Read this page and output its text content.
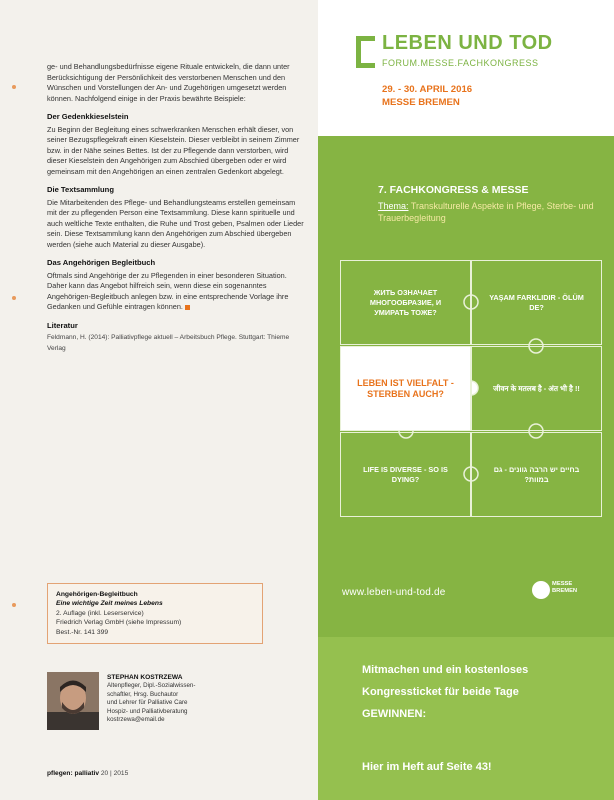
ge- und Behandlungsbedürfnisse eigene Rituale entwickeln, die dann unter Berücksichtigung der Persönlichkeit des verstorbenen Menschen und den Wünschen und Vorstellungen der An- und Zugehörigen umgesetzt werden können. Nachfolgend einige in der Praxis bewährte Beispiele:

Der Gedenkkieselstein

Zu Beginn der Begleitung eines schwerkranken Menschen erhält dieser, von seiner Bezugspflegekraft einen Kieselstein. Dieser verbleibt in seinem Zimmer bzw. in der Nähe seines Bettes. Ist der zu Pflegende dann verstorben, wird dieser Kieselstein den Angehörigen zum Abschied übergeben oder er wird gemeinsam mit den Angehörigen an einen zentralen Gedenkort abgelegt.

Die Textsammlung

Die Mitarbeitenden des Pflege- und Behandlungsteams erstellen gemeinsam mit der zu pflegenden Person eine Textsammlung. Diese kann spirituelle und auch weltliche Texte enthalten, die Ruhe und Trost geben, Psalmen oder Lieder sein. Diese Textsammlung kann den Angehörigen zum Abschied übergeben werden (siehe auch Material zu dieser Ausgabe).

Das Angehörigen Begleitbuch

Oftmals sind Angehörige der zu Pflegenden in einer besonderen Situation. Daher kann das Angebot hilfreich sein, wenn diese ein sogenanntes Angehörigen-Begleitbuch anlegen bzw. in eine entsprechende Vorlage ihre Gedanken und Gefühle eintragen können.

Literatur

Feldmann, H. (2014): Palliativpflege aktuell – Arbeitsbuch Pflege. Stuttgart: Thieme Verlag

Angehörigen-Begleitbuch
Eine wichtige Zeit meines Lebens
2. Auflage (inkl. Leserservice)
Friedrich Verlag GmbH (siehe Impressum)
Best.-Nr. 141 399
STEPHAN KOSTRZEWA
Altenpfleger, Dipl.-Sozialwissen-
schaftler, Hrsg. Buchautor
und Lehrer für Palliative Care
Hospiz- und Palliativberatung
kostrzewa@email.de
pflegen: palliativ 20 | 2015
LEBEN UND TOD
FORUM.MESSE.FACHKONGRESS
29. - 30. APRIL 2016
MESSE BREMEN
7. FACHKONGRESS & MESSE
Thema: Transkulturelle Aspekte in Pflege, Sterbe- und Trauerbegleitung
ЖИТЬ ОЗНАЧАЕТ МНОГООБРАЗИЕ, И УМИРАТЬ ТОЖЕ?
YAŞAM FARKLIDIR - ÖLÜM DE?
LEBEN IST VIELFALT - STERBEN AUCH?
जीवन के मतलब है - अंत भी है !!
LIFE IS DIVERSE - SO IS DYING?
בחיים יש הרבה גוונים - גם במוות?
www.leben-und-tod.de
MESSE
BREMEN
Mitmachen und ein kostenloses Kongressticket für beide Tage GEWINNEN:
Hier im Heft auf Seite 43!
